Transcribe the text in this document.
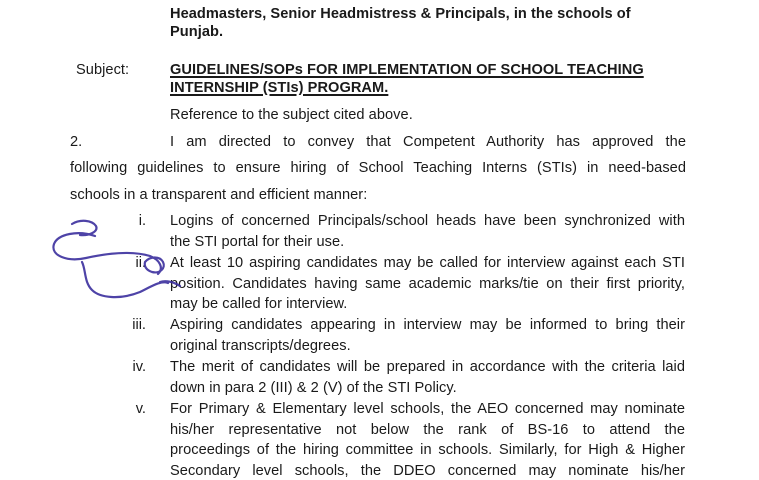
Headmasters, Senior Headmistress & Principals, in the schools of
Punjab.
Subject:	GUIDELINES/SOPs FOR IMPLEMENTATION OF SCHOOL TEACHING
INTERNSHIP (STIs) PROGRAM.
Reference to the subject cited above.
2.	I am directed to convey that Competent Authority has approved the
following guidelines to ensure hiring of School Teaching Interns (STIs) in need-based
schools in a transparent and efficient manner:
i. Logins of concerned Principals/school heads have been synchronized with
the STI portal for their use.
ii. At least 10 aspiring candidates may be called for interview against each STI
position. Candidates having same academic marks/tie on their first priority,
may be called for interview.
iii. Aspiring candidates appearing in interview may be informed to bring their
original transcripts/degrees.
iv. The merit of candidates will be prepared in accordance with the criteria laid
down in para 2 (III) & 2 (V) of the STI Policy.
v. For Primary & Elementary level schools, the AEO concerned may nominate
his/her representative not below the rank of BS-16 to attend the
proceedings of the hiring committee in schools. Similarly, for High & Higher
Secondary level schools, the DDEO concerned may nominate his/her
